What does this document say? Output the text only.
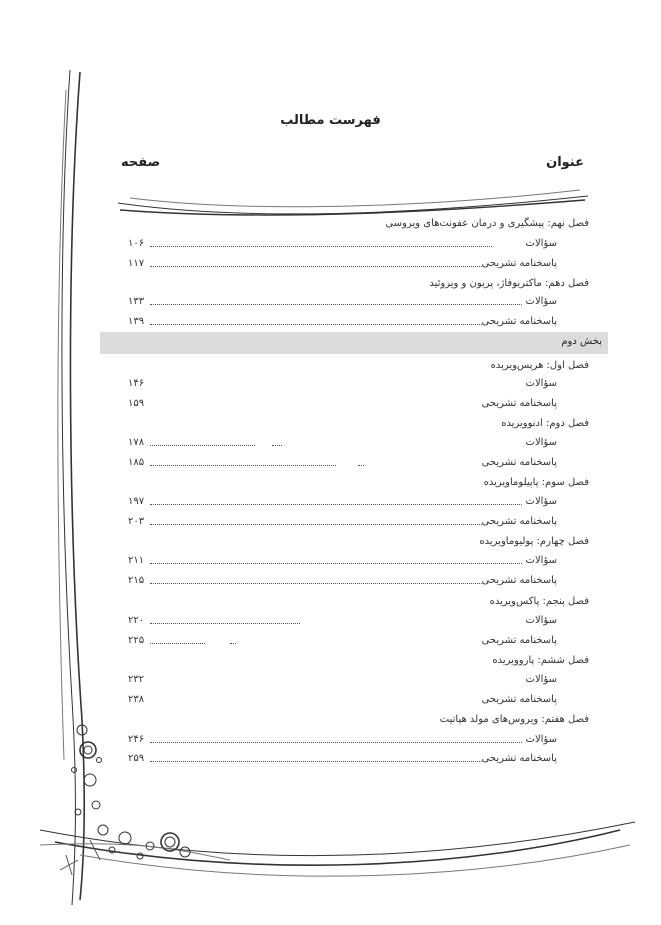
فهرست مطالب
عنوان
صفحه
فصل نهم: پیشگیری و درمان عفونت‌های ویروسی
سؤالات
۱۰۶
پاسخنامه تشریحی
۱۱۷
فصل دهم: ماکتریوفاژ، پریون و ویروئید
سؤالات
۱۳۳
پاسخنامه تشریحی
۱۳۹
بخش دوم
فصل اول: هرپس‌ویریده
سؤالات
۱۴۶
پاسخنامه تشریحی
۱۵۹
فصل دوم: ادنوویریده
سؤالات
۱۷۸
پاسخنامه تشریحی
۱۸۵
فصل سوم: پاپیلوماویریده
سؤالات
۱۹۷
پاسخنامه تشریحی
۲۰۳
فصل چهارم: پولیوماویریده
سؤالات
۲۱۱
پاسخنامه تشریحی
۲۱۵
فصل پنجم: پاکس‌ویریده
سؤالات
۲۲۰
پاسخنامه تشریحی
۲۲۵
فصل ششم: پاروویریده
سؤالات
۲۳۲
پاسخنامه تشریحی
۲۳۸
فصل هفتم: ویروس‌های مولد هپاتیت
سؤالات
۲۴۶
پاسخنامه تشریحی
۲۵۹
